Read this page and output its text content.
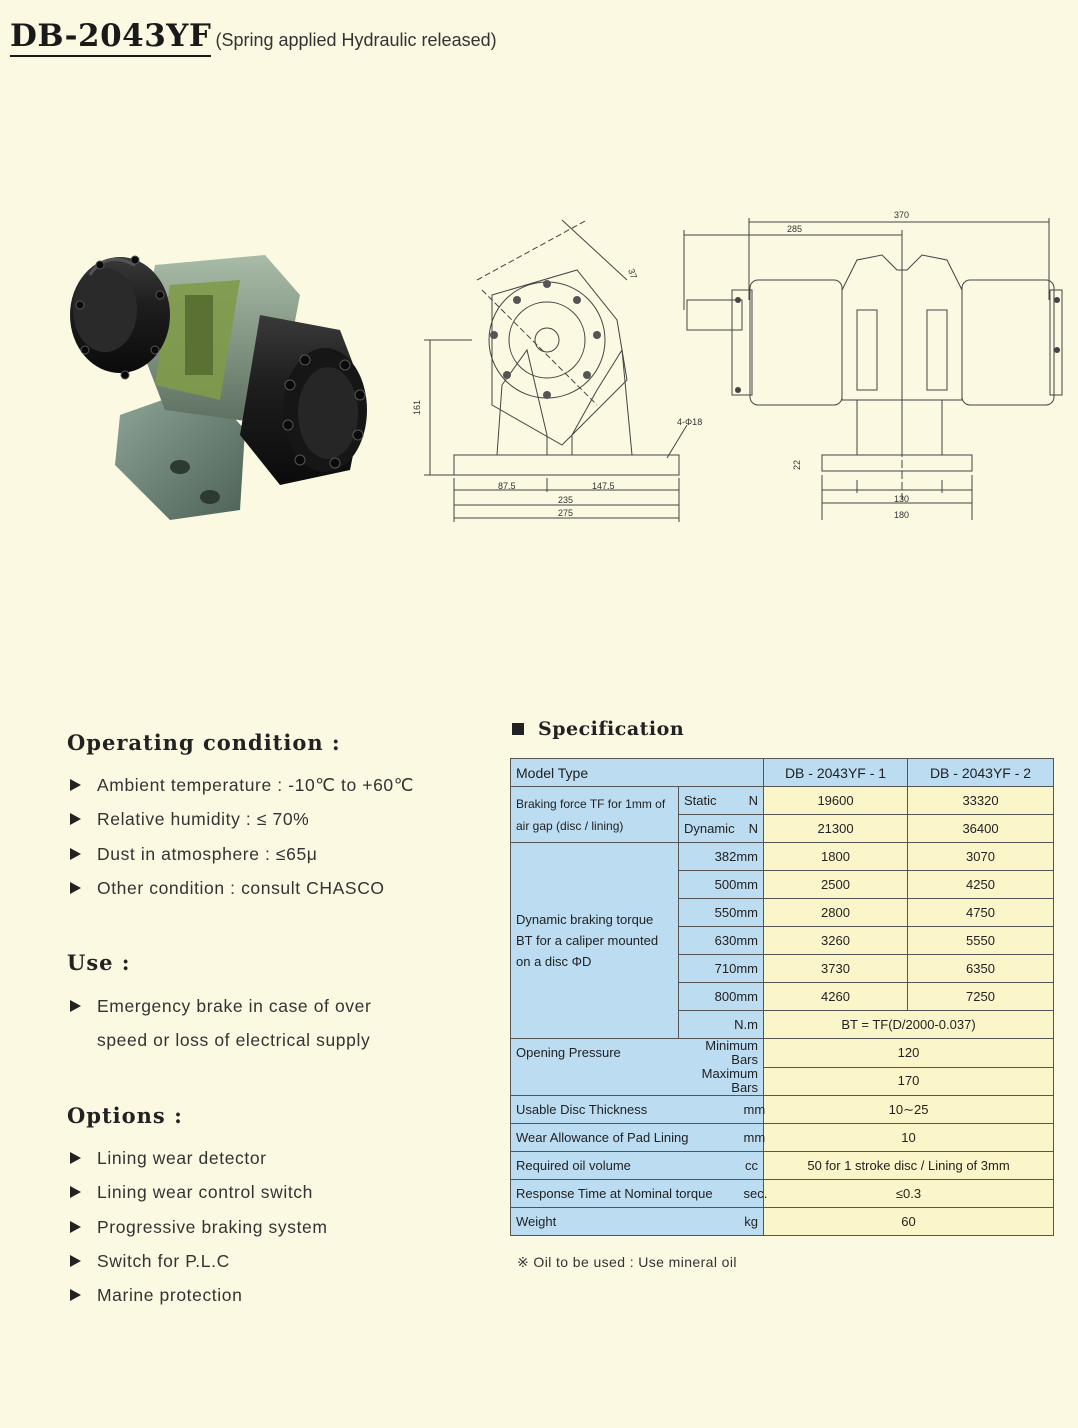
DB-2043YF (Spring applied Hydraulic released)
37
161
4-Φ18
87.5	147.5
235
275
370
285
22
130
180
Operating condition :
Ambient temperature : -10℃ to +60℃
Relative humidity : ≤ 70%
Dust in atmosphere : ≤65μ
Other condition : consult CHASCO
Use :
Emergency brake in case of over
speed or loss of electrical supply
Options :
Lining wear detector
Lining wear control switch
Progressive braking system
Switch for P.L.C
Marine protection
Specification
Model Type			DB - 2043YF - 1	DB - 2043YF - 2
Braking force TF for 1mm of air gap (disc / lining)	Static	N	19600	33320
	Dynamic	N	21300	36400
Dynamic braking torque BT for a caliper mounted on a disc ΦD	382mm		1800	3070
	500mm		2500	4250
	550mm		2800	4750
	630mm		3260	5550
	710mm		3730	6350
	800mm		4260	7250
	N.m		BT = TF(D/2000-0.037)	
Opening Pressure	Minimum Bars		120	
	Maximum Bars		170	
Usable Disc Thickness		mm	10∼25	
Wear Allowance of Pad Lining		mm	10	
Required oil volume		cc	50 for 1 stroke disc / Lining of 3mm	
Response Time at Nominal torque		sec.	≤0.3	
Weight		kg	60	
※ Oil to be used : Use mineral oil
